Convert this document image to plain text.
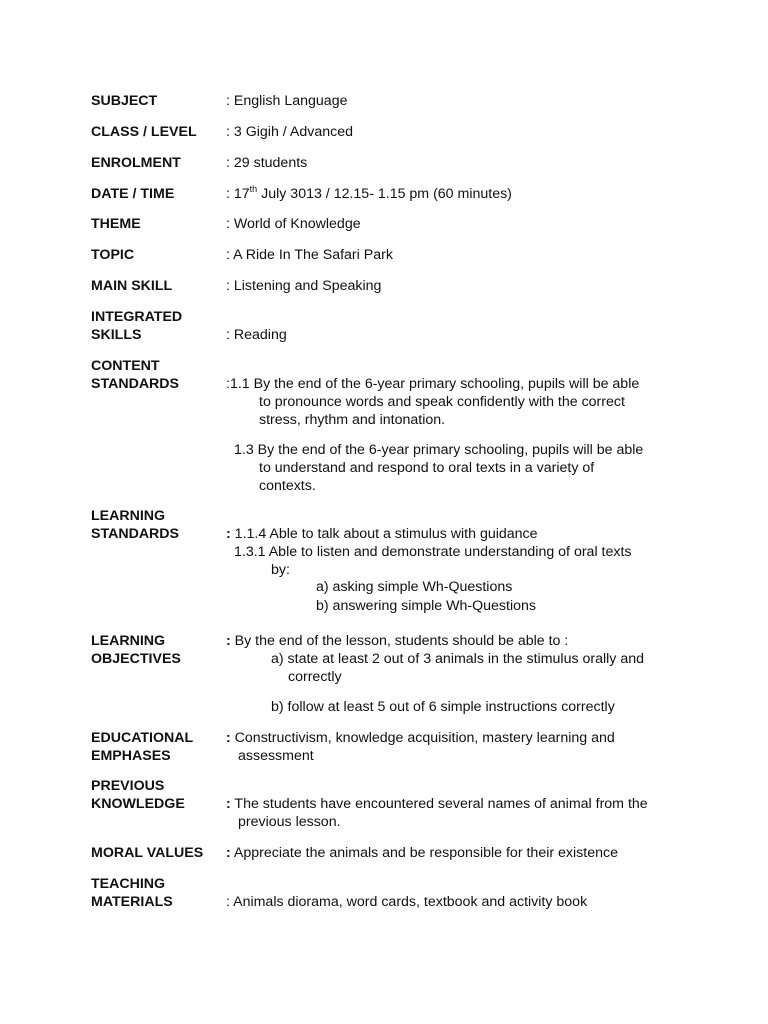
SUBJECT	: English Language
CLASS / LEVEL : 3 Gigih / Advanced
ENROLMENT	: 29 students
DATE / TIME	: 17th July 3013 / 12.15- 1.15 pm (60 minutes)
THEME	: World of Knowledge
TOPIC	: A Ride In The Safari Park
MAIN SKILL	: Listening and Speaking
INTEGRATED
SKILLS	: Reading
CONTENT
STANDARDS	:1.1 By the end of the 6-year primary schooling, pupils will be able
to pronounce words and speak confidently with the correct
stress, rhythm and intonation.
1.3 By the end of the 6-year primary schooling, pupils will be able
to understand and respond to oral texts in a variety of
contexts.
LEARNING
STANDARDS	: 1.1.4 Able to talk about a stimulus with guidance
1.3.1 Able to listen and demonstrate understanding of oral texts
by:
a) asking simple Wh-Questions
b) answering simple Wh-Questions
LEARNING
OBJECTIVES
: By the end of the lesson, students should be able to :
a) state at least 2 out of 3 animals in the stimulus orally and
correctly
b) follow at least 5 out of 6 simple instructions correctly
EDUCATIONAL
EMPHASES
: Constructivism, knowledge acquisition, mastery learning and
assessment
PREVIOUS
KNOWLEDGE	: The students have encountered several names of animal from the
previous lesson.
MORAL VALUES : Appreciate the animals and be responsible for their existence
TEACHING
MATERIALS	: Animals diorama, word cards, textbook and activity book
